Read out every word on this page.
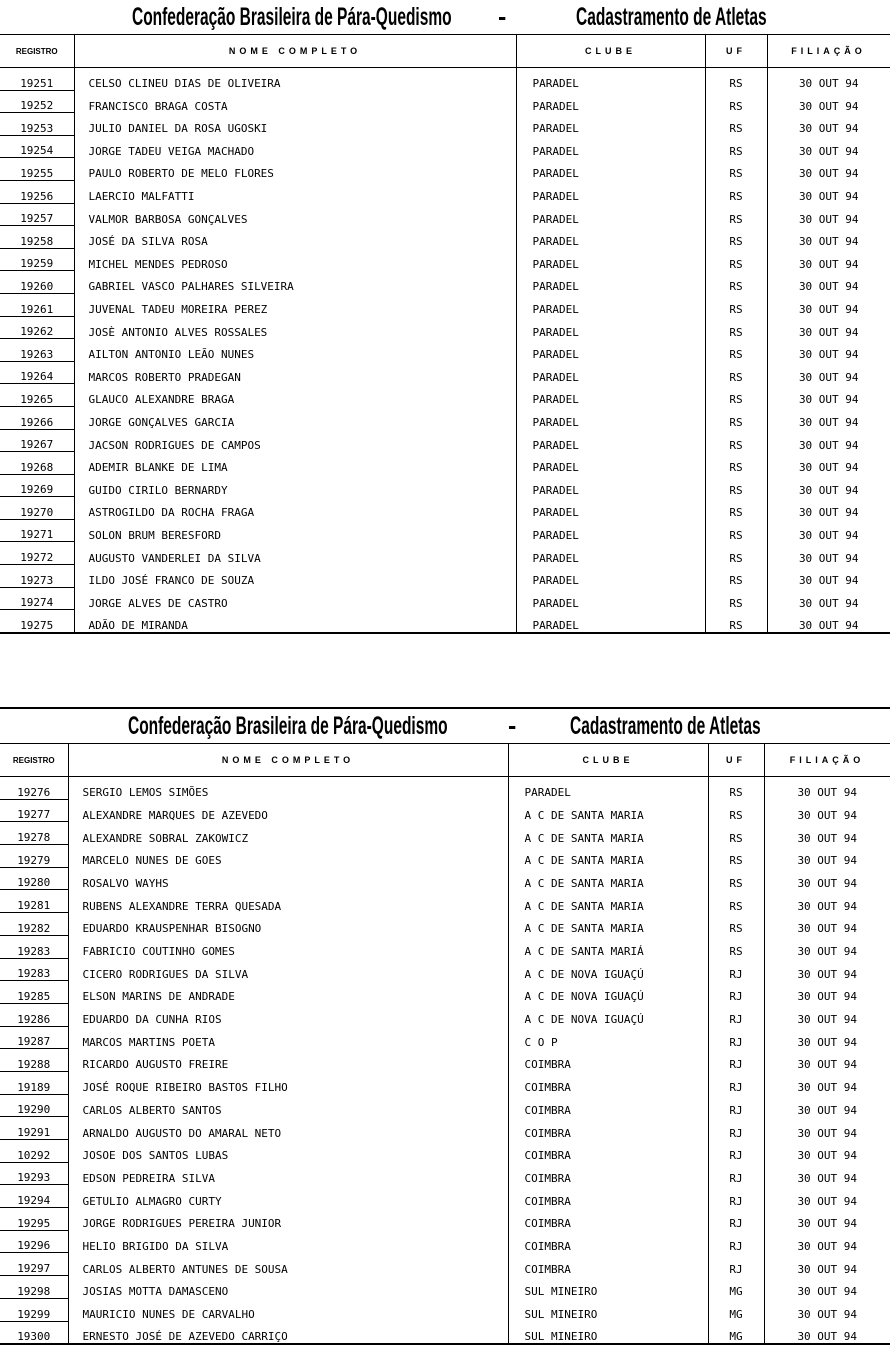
Confederação Brasileira de Pára-Quedismo -	Cadastramento de Atletas
REGISTRO	NOME COMPLETO	CLUBE	UF	FILIAÇÃO
19251	CELSO CLINEU DIAS DE OLIVEIRA	PARADEL	RS	30 OUT 94
19252	FRANCISCO BRAGA COSTA	PARADEL	RS	30 OUT 94
19253	JULIO DANIEL DA ROSA UGOSKI	PARADEL	RS	30 OUT 94
19254	JORGE TADEU VEIGA MACHADO	PARADEL	RS	30 OUT 94
19255	PAULO ROBERTO DE MELO FLORES	PARADEL	RS	30 OUT 94
19256	LAERCIO MALFATTI	PARADEL	RS	30 OUT 94
19257	VALMOR BARBOSA GONÇALVES	PARADEL	RS	30 OUT 94
19258	JOSÉ DA SILVA ROSA	PARADEL	RS	30 OUT 94
19259	MICHEL MENDES PEDROSO	PARADEL	RS	30 OUT 94
19260	GABRIEL VASCO PALHARES SILVEIRA	PARADEL	RS	30 OUT 94
19261	JUVENAL TADEU MOREIRA PEREZ	PARADEL	RS	30 OUT 94
19262	JOSÈ ANTONIO ALVES ROSSALES	PARADEL	RS	30 OUT 94
19263	AILTON ANTONIO LEÃO NUNES	PARADEL	RS	30 OUT 94
19264	MARCOS ROBERTO PRADEGAN	PARADEL	RS	30 OUT 94
19265	GLAUCO ALEXANDRE BRAGA	PARADEL	RS	30 OUT 94
19266	JORGE GONÇALVES GARCIA	PARADEL	RS	30 OUT 94
19267	JACSON RODRIGUES DE CAMPOS	PARADEL	RS	30 OUT 94
19268	ADEMIR BLANKE DE LIMA	PARADEL	RS	30 OUT 94
19269	GUIDO CIRILO BERNARDY	PARADEL	RS	30 OUT 94
19270	ASTROGILDO DA ROCHA FRAGA	PARADEL	RS	30 OUT 94
19271	SOLON BRUM BERESFORD	PARADEL	RS	30 OUT 94
19272	AUGUSTO VANDERLEI DA SILVA	PARADEL	RS	30 OUT 94
19273	ILDO JOSÉ FRANCO DE SOUZA	PARADEL	RS	30 OUT 94
19274	JORGE ALVES DE CASTRO	PARADEL	RS	30 OUT 94
19275	ADÃO DE MIRANDA	PARADEL	RS	30 OUT 94
Confederação Brasileira de Pára-Quedismo - Cadastramento de Atletas
REGISTRO	NOME COMPLETO	CLUBE	UF	FILIAÇÃO
19276	SERGIO LEMOS SIMÕES	PARADEL	RS	30 OUT 94
19277	ALEXANDRE MARQUES DE AZEVEDO	A C DE SANTA MARIA	RS	30 OUT 94
19278	ALEXANDRE SOBRAL ZAKOWICZ	A C DE SANTA MARIA	RS	30 OUT 94
19279	MARCELO NUNES DE GOES	A C DE SANTA MARIA	RS	30 OUT 94
19280	ROSALVO WAYHS	A C DE SANTA MARIA	RS	30 OUT 94
19281	RUBENS ALEXANDRE TERRA QUESADA	A C DE SANTA MARIA	RS	30 OUT 94
19282	EDUARDO KRAUSPENHAR BISOGNO	A C DE SANTA MARIA	RS	30 OUT 94
19283	FABRICIO COUTINHO GOMES	A C DE SANTA MARIÁ	RS	30 OUT 94
19283	CICERO RODRIGUES DA SILVA	A C DE NOVA IGUAÇÚ	RJ	30 OUT 94
19285	ELSON MARINS DE ANDRADE	A C DE NOVA IGUAÇÚ	RJ	30 OUT 94
19286	EDUARDO DA CUNHA RIOS	A C DE NOVA IGUAÇÚ	RJ	30 OUT 94
19287	MARCOS MARTINS POETA	C O P	RJ	30 OUT 94
19288	RICARDO AUGUSTO FREIRE	COIMBRA	RJ	30 OUT 94
19189	JOSÉ ROQUE RIBEIRO BASTOS FILHO	COIMBRA	RJ	30 OUT 94
19290	CARLOS ALBERTO SANTOS	COIMBRA	RJ	30 OUT 94
19291	ARNALDO AUGUSTO DO AMARAL NETO	COIMBRA	RJ	30 OUT 94
10292	JOSOE DOS SANTOS LUBAS	COIMBRA	RJ	30 OUT 94
19293	EDSON PEDREIRA SILVA	COIMBRA	RJ	30 OUT 94
19294	GETULIO ALMAGRO CURTY	COIMBRA	RJ	30 OUT 94
19295	JORGE RODRIGUES PEREIRA JUNIOR	COIMBRA	RJ	30 OUT 94
19296	HELIO BRIGIDO DA SILVA	COIMBRA	RJ	30 OUT 94
19297	CARLOS ALBERTO ANTUNES DE SOUSA	COIMBRA	RJ	30 OUT 94
19298	JOSIAS MOTTA DAMASCENO	SUL MINEIRO	MG	30 OUT 94
19299	MAURICIO NUNES DE CARVALHO	SUL MINEIRO	MG	30 OUT 94
19300	ERNESTO JOSÉ DE AZEVEDO CARRIÇO	SUL MINEIRO	MG	30 OUT 94
